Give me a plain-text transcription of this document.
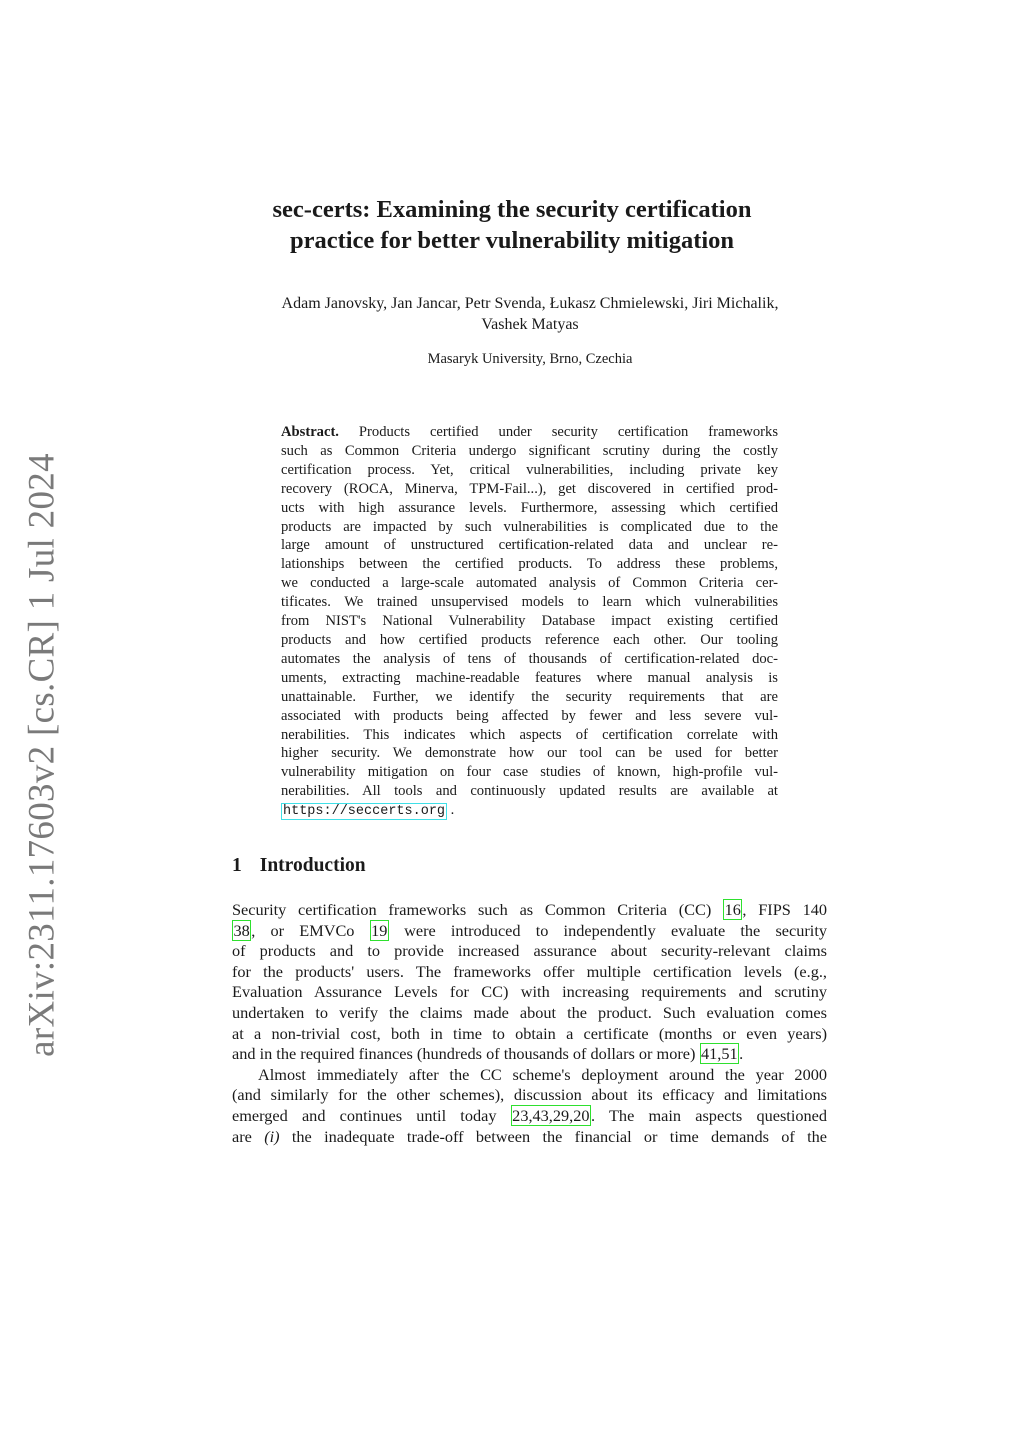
arXiv:2311.17603v2 [cs.CR] 1 Jul 2024
sec-certs: Examining the security certification
practice for better vulnerability mitigation
Adam Janovsky, Jan Jancar, Petr Svenda, Łukasz Chmielewski, Jiri Michalik,
Vashek Matyas
Masaryk University, Brno, Czechia
Abstract. Products certified under security certification frameworks
such as Common Criteria undergo significant scrutiny during the costly
certification process. Yet, critical vulnerabilities, including private key
recovery (ROCA, Minerva, TPM-Fail...), get discovered in certified prod-
ucts with high assurance levels. Furthermore, assessing which certified
products are impacted by such vulnerabilities is complicated due to the
large amount of unstructured certification-related data and unclear re-
lationships between the certified products. To address these problems,
we conducted a large-scale automated analysis of Common Criteria cer-
tificates. We trained unsupervised models to learn which vulnerabilities
from NIST's National Vulnerability Database impact existing certified
products and how certified products reference each other. Our tooling
automates the analysis of tens of thousands of certification-related doc-
uments, extracting machine-readable features where manual analysis is
unattainable. Further, we identify the security requirements that are
associated with products being affected by fewer and less severe vul-
nerabilities. This indicates which aspects of certification correlate with
higher security. We demonstrate how our tool can be used for better
vulnerability mitigation on four case studies of known, high-profile vul-
nerabilities. All tools and continuously updated results are available at
https://seccerts.org .
1 Introduction
Security certification frameworks such as Common Criteria (CC) 16, FIPS 140
38, or EMVCo 19 were introduced to independently evaluate the security
of products and to provide increased assurance about security-relevant claims
for the products' users. The frameworks offer multiple certification levels (e.g.,
Evaluation Assurance Levels for CC) with increasing requirements and scrutiny
undertaken to verify the claims made about the product. Such evaluation comes
at a non-trivial cost, both in time to obtain a certificate (months or even years)
and in the required finances (hundreds of thousands of dollars or more) 41,51.
Almost immediately after the CC scheme's deployment around the year 2000
(and similarly for the other schemes), discussion about its efficacy and limitations
emerged and continues until today 23,43,29,20. The main aspects questioned
are (i) the inadequate trade-off between the financial or time demands of the
